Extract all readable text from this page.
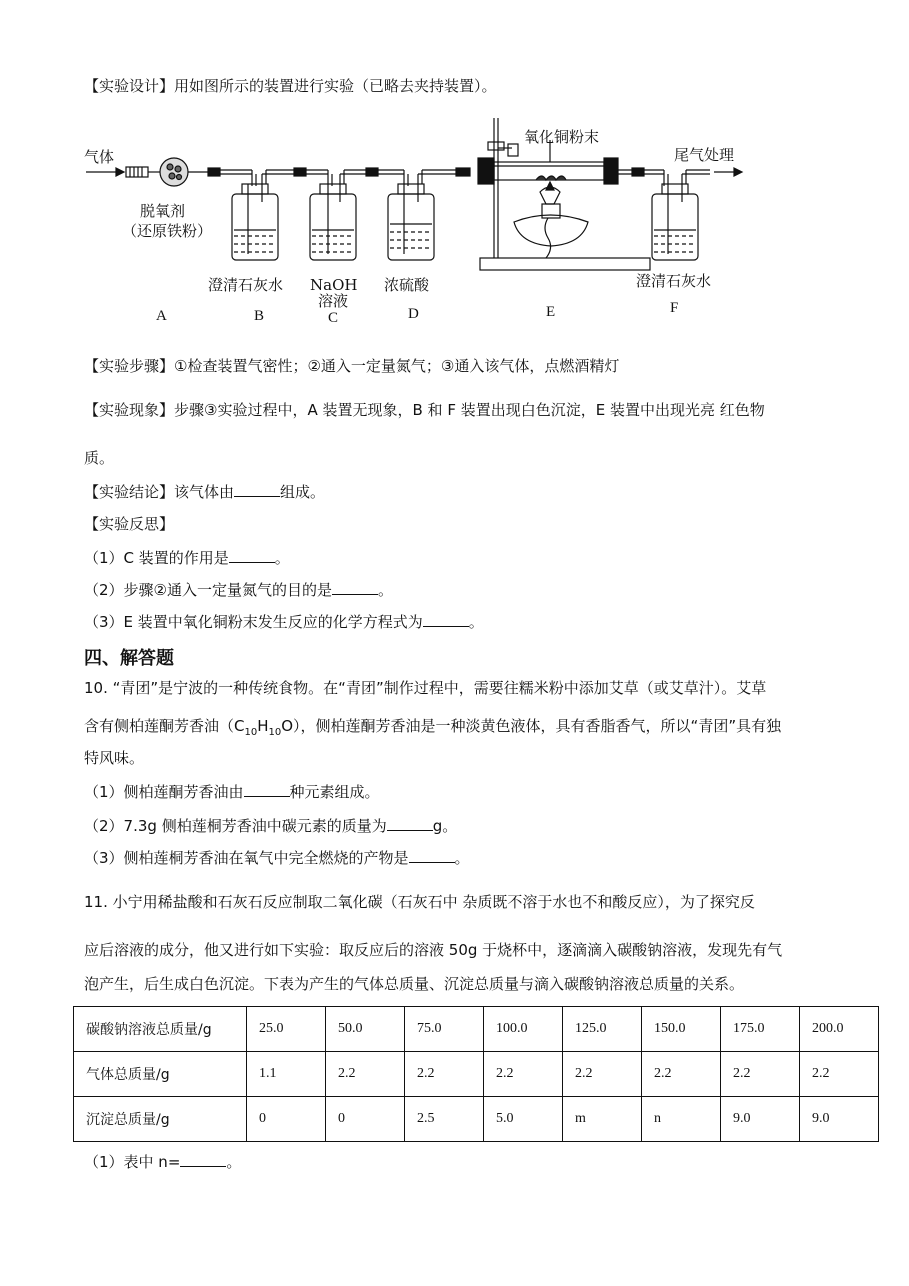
【实验设计】用如图所示的装置进行实验（已略去夹持装置）。
气体
氧化铜粉末
尾气处理
脱氧剂
（还原铁粉）
澄清石灰水 NaOH
溶液
浓硫酸	澄清石灰水
A	B	C	D	E	F
【实验步骤】①检查装置气密性；②通入一定量氮气；③通入该气体，点燃酒精灯
【实验现象】步骤③实验过程中，A 装置无现象，B 和 F 装置出现白色沉淀，E 装置中出现光亮 红色物
质。
【实验结论】该气体由	组成。
【实验反思】
（1）C 装置的作用是	。
（2）步骤②通入一定量氮气的目的是	。
（3）E 装置中氧化铜粉末发生反应的化学方程式为	。
四、解答题
10. “青团”是宁波的一种传统食物。在“青团”制作过程中，需要往糯米粉中添加艾草（或艾草汁）。艾草
含有侧柏莲酮芳香油$(C_{10}H_{10}O)$，侧柏莲酮芳香油是一种淡黄色液体，具有香脂香气，所以“青团”具有独
特风味。
（1）侧柏莲酮芳香油由	种元素组成。
（2）7.3g 侧柏莲桐芳香油中碳元素的质量为	g。
（3）侧柏莲桐芳香油在氧气中完全燃烧的产物是	。
11. 小宁用稀盐酸和石灰石反应制取二氧化碳（石灰石中 杂质既不溶于水也不和酸反应），为了探究反
应后溶液的成分，他又进行如下实验：取反应后的溶液 50g 于烧杯中，逐滴滴入碳酸钠溶液，发现先有气
泡产生，后生成白色沉淀。下表为产生的气体总质量、沉淀总质量与滴入碳酸钠溶液总质量的关系。
碳酸钠溶液总质量/g	25.0	50.0	75.0	100.0	125.0	150.0	175.0	200.0
气体总质量/g	1.1	2.2	2.2	2.2	2.2	2.2	2.2	2.2
沉淀总质量/g	0	0	2.5	5.0	m	n	9.0	9.0
（1）表中 n=	。
